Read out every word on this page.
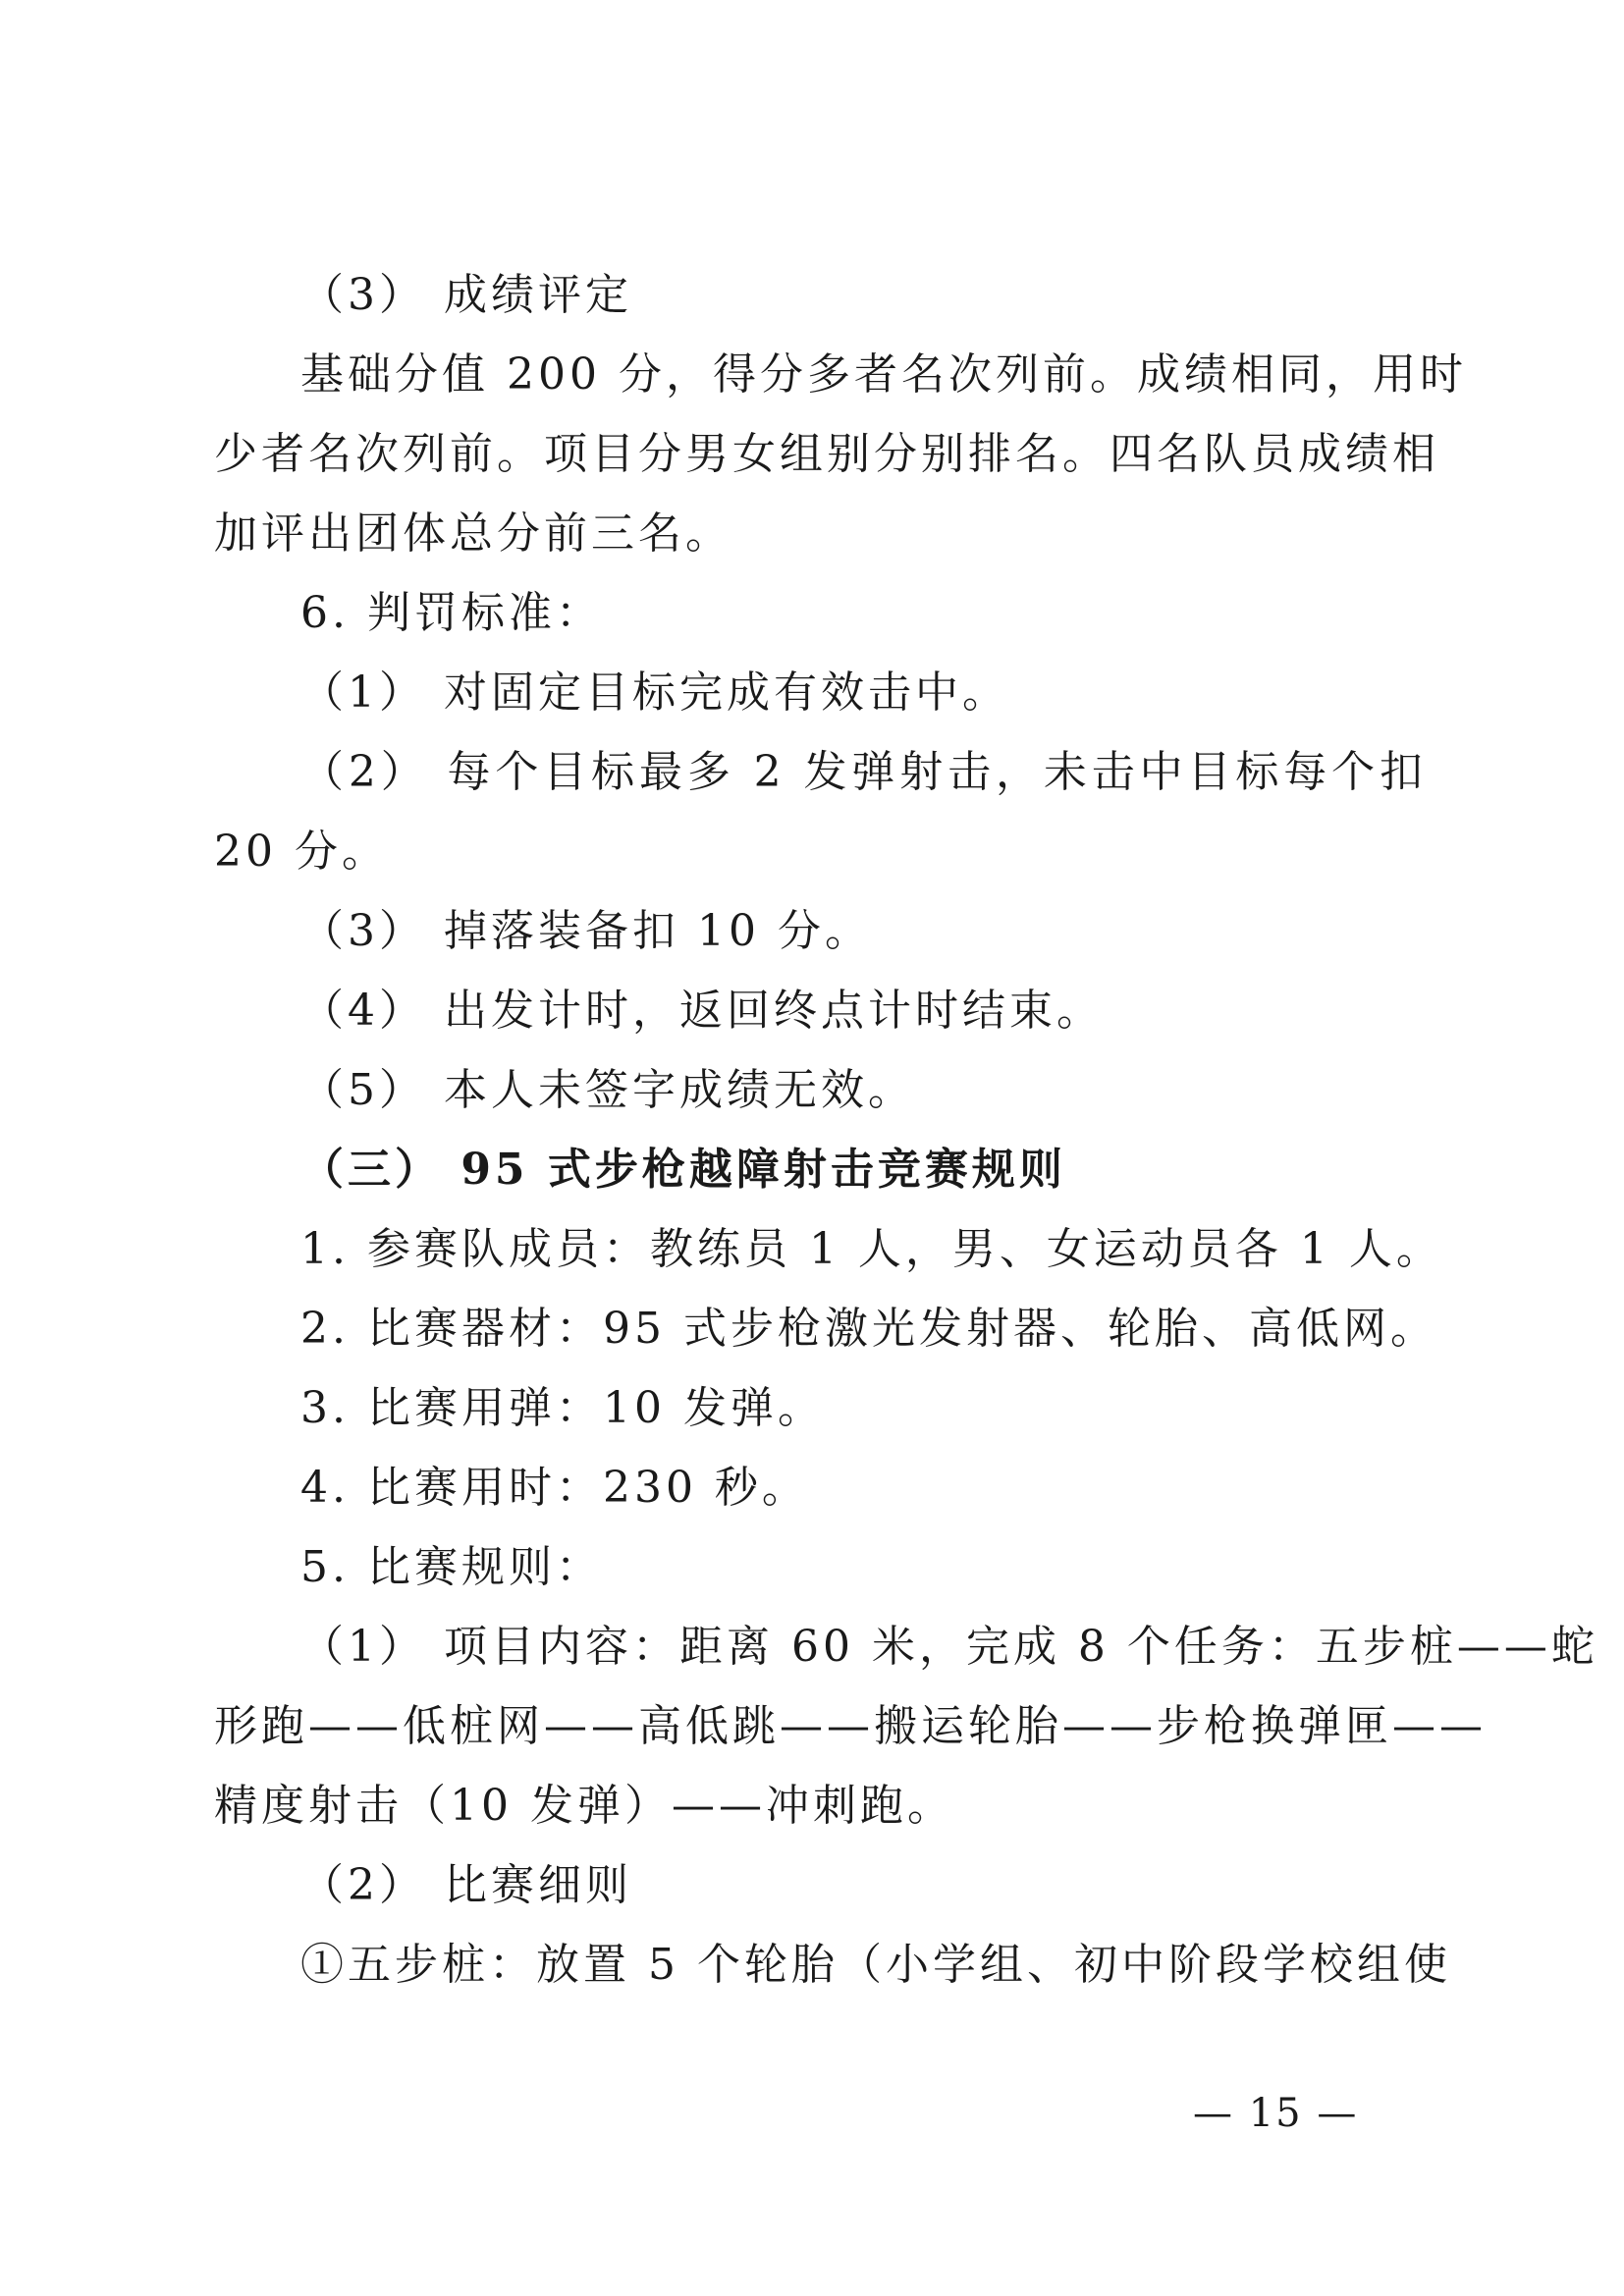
（3） 成绩评定
基础分值 200 分，得分多者名次列前。成绩相同，用时
少者名次列前。项目分男女组别分别排名。四名队员成绩相
加评出团体总分前三名。
6. 判罚标准：
（1） 对固定目标完成有效击中。
（2） 每个目标最多 2 发弹射击，未击中目标每个扣
20 分。
（3） 掉落装备扣 10 分。
（4） 出发计时，返回终点计时结束。
（5） 本人未签字成绩无效。
（三） 95 式步枪越障射击竞赛规则
1. 参赛队成员：教练员 1 人，男、女运动员各 1 人。
2. 比赛器材：95 式步枪激光发射器、轮胎、高低网。
3. 比赛用弹：10 发弹。
4. 比赛用时：230 秒。
5. 比赛规则：
（1） 项目内容：距离 60 米，完成 8 个任务：五步桩——蛇
形跑——低桩网——高低跳——搬运轮胎——步枪换弹匣——
精度射击（10 发弹）——冲刺跑。
（2） 比赛细则
①五步桩：放置 5 个轮胎（小学组、初中阶段学校组使
— 15 —
